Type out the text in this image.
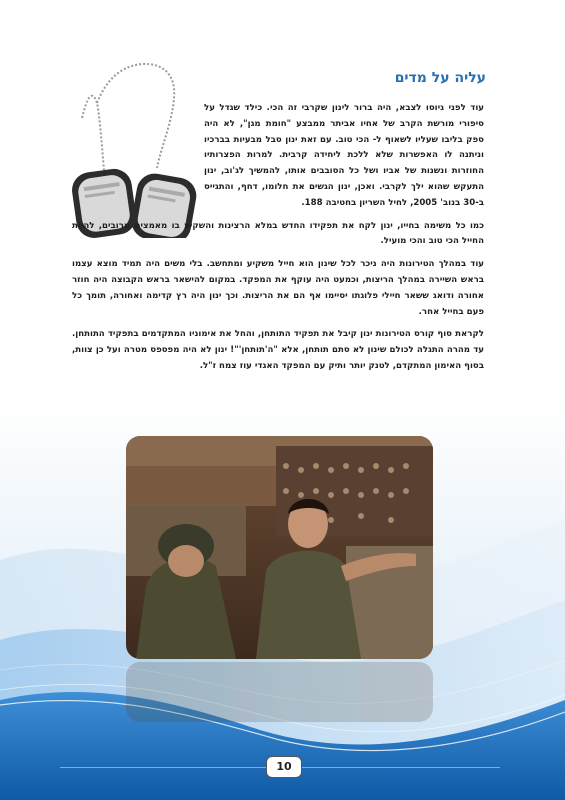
עליה על מדים

עוד לפני גיוסו לצבא, היה ברור לינון שקרבי זה הכי. כילד שגדל על סיפורי מורשת הקרב של אחיו אביתר ממבצע "חומת מגן", לא היה ספק בליבו שעליו לשאוף ל- הכי טוב. עם זאת ינון סבל מבעיות בברכיו וניתנה לו האפשרות שלא ללכת ליחידה קרבית. למרות הפצרותיו החוזרות ונשנות של אביו ושל כל הסובבים אותו, להמשיך לג'וב, ינון התעקש שהוא ילך לקרבי. ואכן, ינון הגשים את חלומו, דחף, והתגייס ב-30 בנוב' 2005, לחיל השריון בחטיבה 188.

כמו כל משימה בחייו, ינון לקח את תפקידו החדש במלא הרצינות והשקיע בו מאמצים מרובים, להיות החייל הכי טוב והכי מועיל.

עוד במהלך הטירונות היה ניכר לכל שינון הוא חייל משקיע ומתחשב. בלי משים היה תמיד מוצא עצמו בראש השיירה במהלך הריצות, וכמעט היה עוקף את המפקד. במקום להישאר בראש הקבוצה היה חוזר אחורה ודואג ששאר חיילי פלוגתו יסיימו אף הם את הריצות. וכך ינון היה רץ קדימה ואחורה, תומך כל פעם בחייל אחר.

לקראת סוף קורס הטירונות ינון קיבל את תפקיד התותחן, והחל את אימוניו המתקדמים בתפקיד התותחן. עד מהרה התגלה לכולם שינון לא סתם תותחן, אלא "ה'תותחן'"! ינון לא היה מפספס מטרה ועל כן צוות, בסוף האימון המתקדם, לטנק יותר ותיק עם המפקד האגדי עוז צמח ז"ל.

10
